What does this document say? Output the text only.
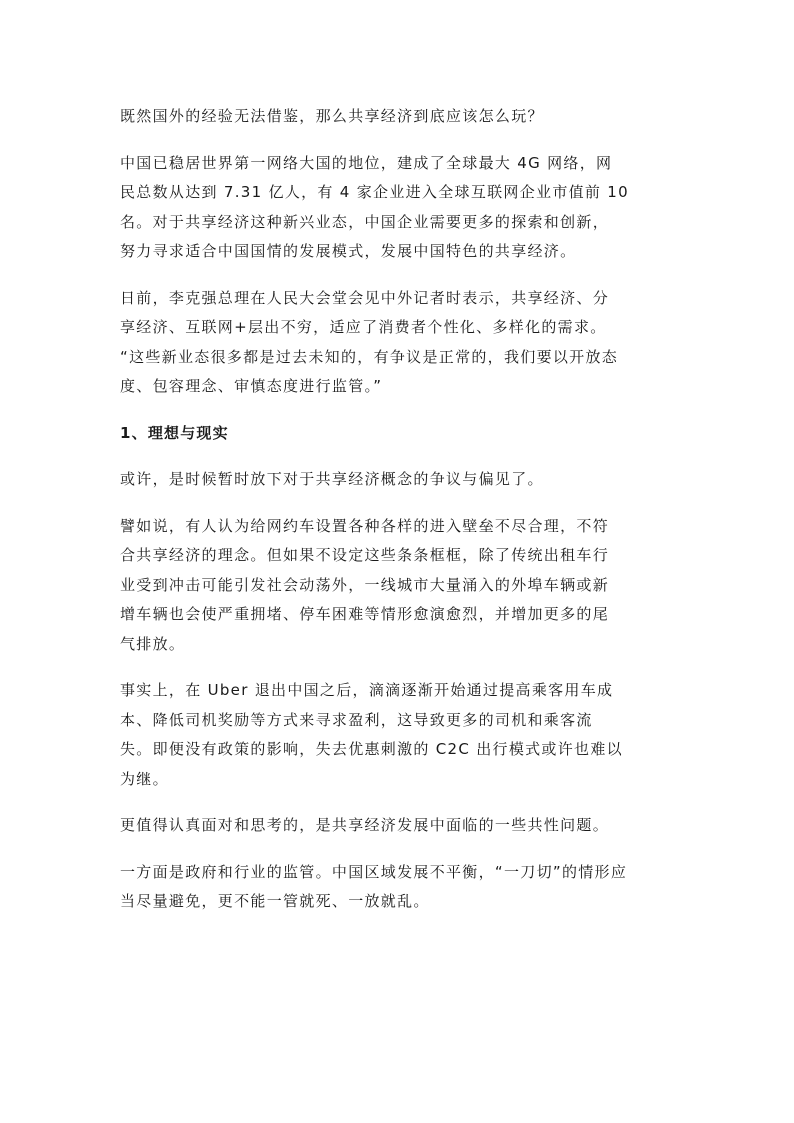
既然国外的经验无法借鉴，那么共享经济到底应该怎么玩？

中国已稳居世界第一网络大国的地位，建成了全球最大 4G 网络，网
民总数从达到 7.31 亿人，有 4 家企业进入全球互联网企业市值前 10
名。对于共享经济这种新兴业态，中国企业需要更多的探索和创新，
努力寻求适合中国国情的发展模式，发展中国特色的共享经济。

日前，李克强总理在人民大会堂会见中外记者时表示，共享经济、分
享经济、互联网+层出不穷，适应了消费者个性化、多样化的需求。
“这些新业态很多都是过去未知的，有争议是正常的，我们要以开放态
度、包容理念、审慎态度进行监管。”

1、理想与现实

或许，是时候暂时放下对于共享经济概念的争议与偏见了。

譬如说，有人认为给网约车设置各种各样的进入壁垒不尽合理，不符
合共享经济的理念。但如果不设定这些条条框框，除了传统出租车行
业受到冲击可能引发社会动荡外，一线城市大量涌入的外埠车辆或新
增车辆也会使严重拥堵、停车困难等情形愈演愈烈，并增加更多的尾
气排放。

事实上，在 Uber 退出中国之后，滴滴逐渐开始通过提高乘客用车成
本、降低司机奖励等方式来寻求盈利，这导致更多的司机和乘客流
失。即便没有政策的影响，失去优惠刺激的 C2C 出行模式或许也难以
为继。

更值得认真面对和思考的，是共享经济发展中面临的一些共性问题。

一方面是政府和行业的监管。中国区域发展不平衡，“一刀切”的情形应
当尽量避免，更不能一管就死、一放就乱。
